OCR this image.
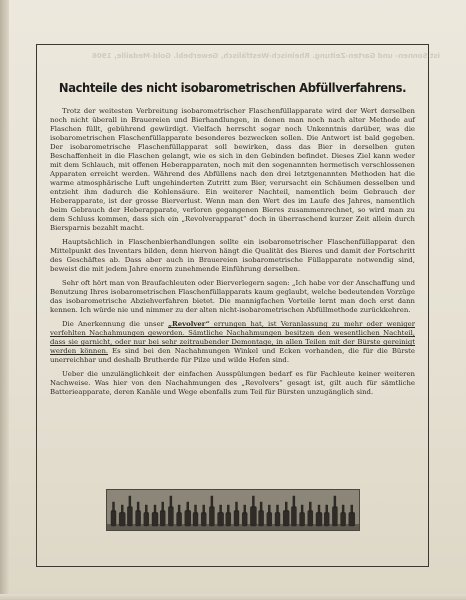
ist Sonnen- und Garten-Zeitung. Rheinisch-Westfälisch, Gewerbebl. Gold-Medaille, 1906
Nachteile des nicht isobarometrischen Abfüllverfahrens.

Trotz der weitesten Verbreitung isobarometrischer Flaschenfüllapparate wird der Wert derselben noch nicht überall in Brauereien und Bierhandlungen, in denen man noch nach alter Methode auf Flaschen füllt, gebührend gewürdigt. Vielfach herrscht sogar noch Unkenntnis darüber, was die isobarometrischen Flaschenfüllapparate besonderes bezwecken sollen. Die Antwort ist bald gegeben. Der isobarometrische Flaschenfüllapparat soll bewirken, dass das Bier in derselben guten Beschaffenheit in die Flaschen gelangt, wie es sich in den Gebinden befindet. Dieses Ziel kann weder mit dem Schlauch, mit offenen Heberapparaten, noch mit den sogenannten hermetisch verschlossenen Apparaten erreicht werden. Während des Abfüllens nach den drei letztgenannten Methoden hat die warme atmosphärische Luft ungehinderten Zutritt zum Bier, verursacht ein Schäumen desselben und entzieht ihm dadurch die Kohlensäure. Ein weiterer Nachteil, namentlich beim Gebrauch der Heberapparate, ist der grosse Bierverlust. Wenn man den Wert des im Laufe des Jahres, namentlich beim Gebrauch der Heberapparate, verloren gegangenen Bieres zusammenrechnet, so wird man zu dem Schluss kommen, dass sich ein „Revolverapparat“ doch in überraschend kurzer Zeit allein durch Biersparnis bezahlt macht.

Hauptsächlich in Flaschenbierhandlungen sollte ein isobarometrischer Flaschenfüllapparat den Mittelpunkt des Inventars bilden, denn hiervon hängt die Qualität des Bieres und damit der Fortschritt des Geschäftes ab. Dass aber auch in Brauereien isobarometrische Füllapparate notwendig sind, beweist die mit jedem Jahre enorm zunehmende Einführung derselben.

Sehr oft hört man von Braufachleuten oder Bierverlegern sagen: „Ich habe vor der Anschaffung und Benutzung Ihres isobarometrischen Flaschenfüllapparats kaum geglaubt, welche bedeutenden Vorzüge das isobarometrische Abziehverfahren bietet. Die mannigfachen Vorteile lernt man doch erst dann kennen. Ich würde nie und nimmer zu der alten nicht-isobarometrischen Abfüllmethode zurückkehren.

Die Anerkennung die unser „Revolver“ errungen hat, ist Veranlassung zu mehr oder weniger verfehlten Nachahmungen geworden. Sämtliche Nachahmungen besitzen den wesentlichen Nachteil, dass sie garnicht, oder nur bei sehr zeitraubender Demontage, in allen Teilen mit der Bürste gereinigt werden können. Es sind bei den Nachahmungen Winkel und Ecken vorhanden, die für die Bürste unerreichbar und deshalb Brutherde für Pilze und wilde Hefen sind.

Ueber die unzulänglichkeit der einfachen Ausspülungen bedarf es für Fachleute keiner weiteren Nachweise. Was hier von den Nachahmungen des „Revolvers“ gesagt ist, gilt auch für sämtliche Batterieapparate, deren Kanäle und Wege ebenfalls zum Teil für Bürsten unzugänglich sind.
